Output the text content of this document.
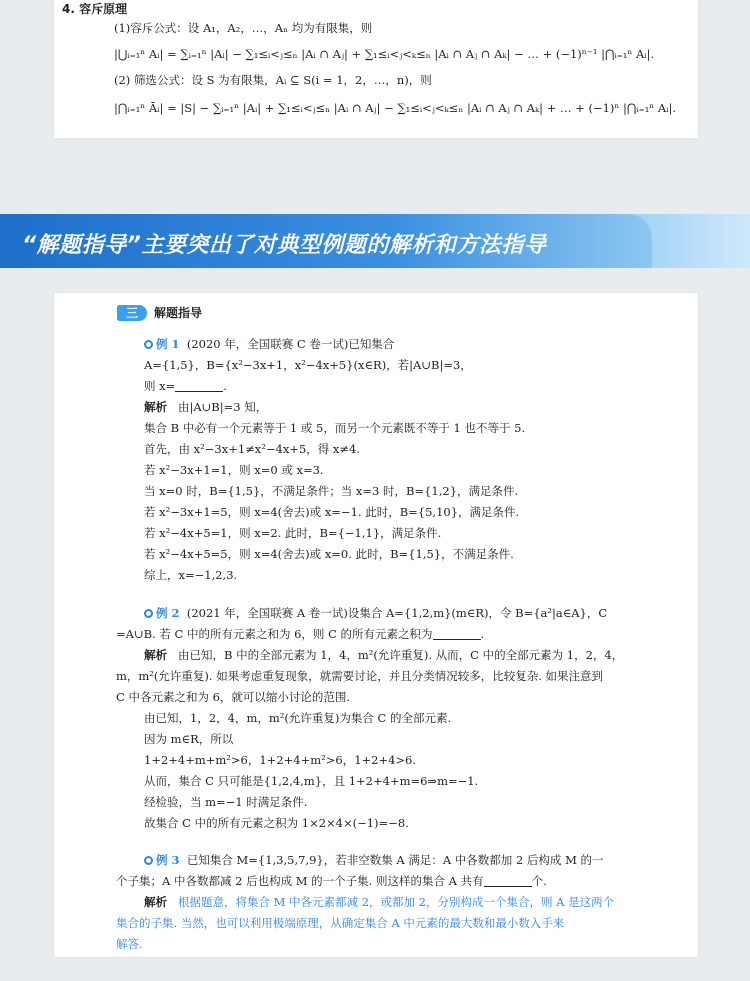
4. 容斥原理
(1)容斥公式：设 A₁，A₂，…，Aₙ 均为有限集，则
|⋃ᵢ₌₁ⁿ Aᵢ| = ∑ᵢ₌₁ⁿ |Aᵢ| − ∑₁≤ᵢ<ⱼ≤ₙ |Aᵢ ∩ Aⱼ| + ∑₁≤ᵢ<ⱼ<ₖ≤ₙ |Aᵢ ∩ Aⱼ ∩ Aₖ| − … + (−1)ⁿ⁻¹ |⋂ᵢ₌₁ⁿ Aᵢ|.
(2) 筛选公式：设 S 为有限集，Aᵢ ⊆ S(i = 1，2，…，n)，则
|⋂ᵢ₌₁ⁿ Āᵢ| = |S| − ∑ᵢ₌₁ⁿ |Aᵢ| + ∑₁≤ᵢ<ⱼ≤ₙ |Aᵢ ∩ Aⱼ| − ∑₁≤ᵢ<ⱼ<ₖ≤ₙ |Aᵢ ∩ Aⱼ ∩ Aₖ| + … + (−1)ⁿ |⋂ᵢ₌₁ⁿ Aᵢ|.
“解题指导”主要突出了对典型例题的解析和方法指导
三	解题指导
例 1 (2020 年，全国联赛 C 卷一试)已知集合
A={1,5}，B={x²−3x+1，x²−4x+5}(x∈R)，若|A∪B|=3，
则 x=	.
解析 由|A∪B|=3 知，
集合 B 中必有一个元素等于 1 或 5，而另一个元素既不等于 1 也不等于 5.
首先，由 x²−3x+1≠x²−4x+5，得 x≠4.
若 x²−3x+1=1，则 x=0 或 x=3.
当 x=0 时，B={1,5}，不满足条件；当 x=3 时，B={1,2}，满足条件.
若 x²−3x+1=5，则 x=4(舍去)或 x=−1. 此时，B={5,10}，满足条件.
若 x²−4x+5=1，则 x=2. 此时，B={−1,1}，满足条件.
若 x²−4x+5=5，则 x=4(舍去)或 x=0. 此时，B={1,5}，不满足条件.
综上，x=−1,2,3.
例 2 (2021 年，全国联赛 A 卷一试)设集合 A={1,2,m}(m∈R)，令 B={a²|a∈A}，C
=A∪B. 若 C 中的所有元素之和为 6，则 C 的所有元素之积为	.
解析 由已知，B 中的全部元素为 1，4，m²(允许重复). 从而，C 中的全部元素为 1，2，4，
m，m²(允许重复). 如果考虑重复现象，就需要讨论，并且分类情况较多，比较复杂. 如果注意到
C 中各元素之和为 6，就可以缩小讨论的范围.
由已知，1，2，4，m，m²(允许重复)为集合 C 的全部元素.
因为 m∈R，所以
1+2+4+m+m²>6，1+2+4+m²>6，1+2+4>6.
从而，集合 C 只可能是{1,2,4,m}，且 1+2+4+m=6⇒m=−1.
经检验，当 m=−1 时满足条件.
故集合 C 中的所有元素之积为 1×2×4×(−1)=−8.
例 3 已知集合 M={1,3,5,7,9}，若非空数集 A 满足：A 中各数都加 2 后构成 M 的一
个子集；A 中各数都减 2 后也构成 M 的一个子集. 则这样的集合 A 共有	个.
解析 根据题意，将集合 M 中各元素都减 2，或都加 2，分别构成一个集合，则 A 是这两个
集合的子集. 当然，也可以利用极端原理，从确定集合 A 中元素的最大数和最小数入手来
解答.
